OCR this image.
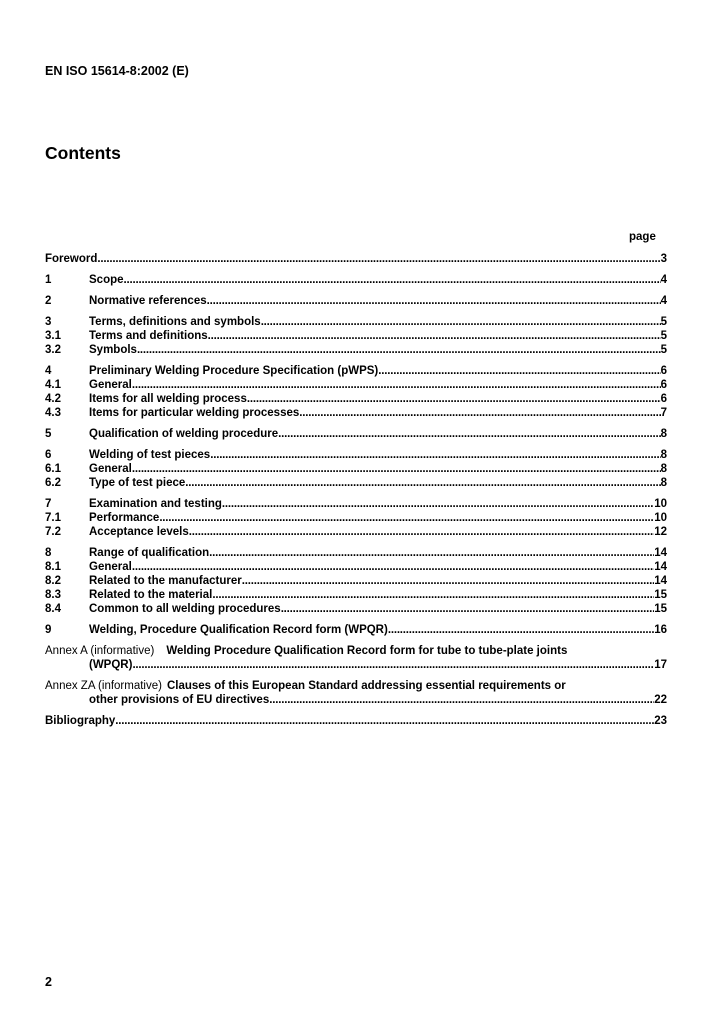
EN ISO 15614-8:2002 (E)
Contents
page
Foreword .....	3
1	Scope .....	4
2	Normative references .....	4
3	Terms, definitions and symbols .....	5
3.1	Terms and definitions .....	5
3.2	Symbols .....	5
4	Preliminary Welding Procedure Specification (pWPS) .....	6
4.1	General .....	6
4.2	Items for all welding process .....	6
4.3	Items for particular welding processes .....	7
5	Qualification of welding procedure .....	8
6	Welding of test pieces .....	8
6.1	General .....	8
6.2	Type of test piece .....	8
7	Examination and testing .....	10
7.1	Performance .....	10
7.2	Acceptance levels .....	12
8	Range of qualification .....	14
8.1	General .....	14
8.2	Related to the manufacturer .....	14
8.3	Related to the material .....	15
8.4	Common to all welding procedures .....	15
9	Welding, Procedure Qualification Record form (WPQR) .....	16
Annex A (informative) Welding Procedure Qualification Record form for tube to tube-plate joints
(WPQR) .....	17
Annex ZA (informative) Clauses of this European Standard addressing essential requirements or
other provisions of EU directives .....	22
Bibliography .....	23
2
